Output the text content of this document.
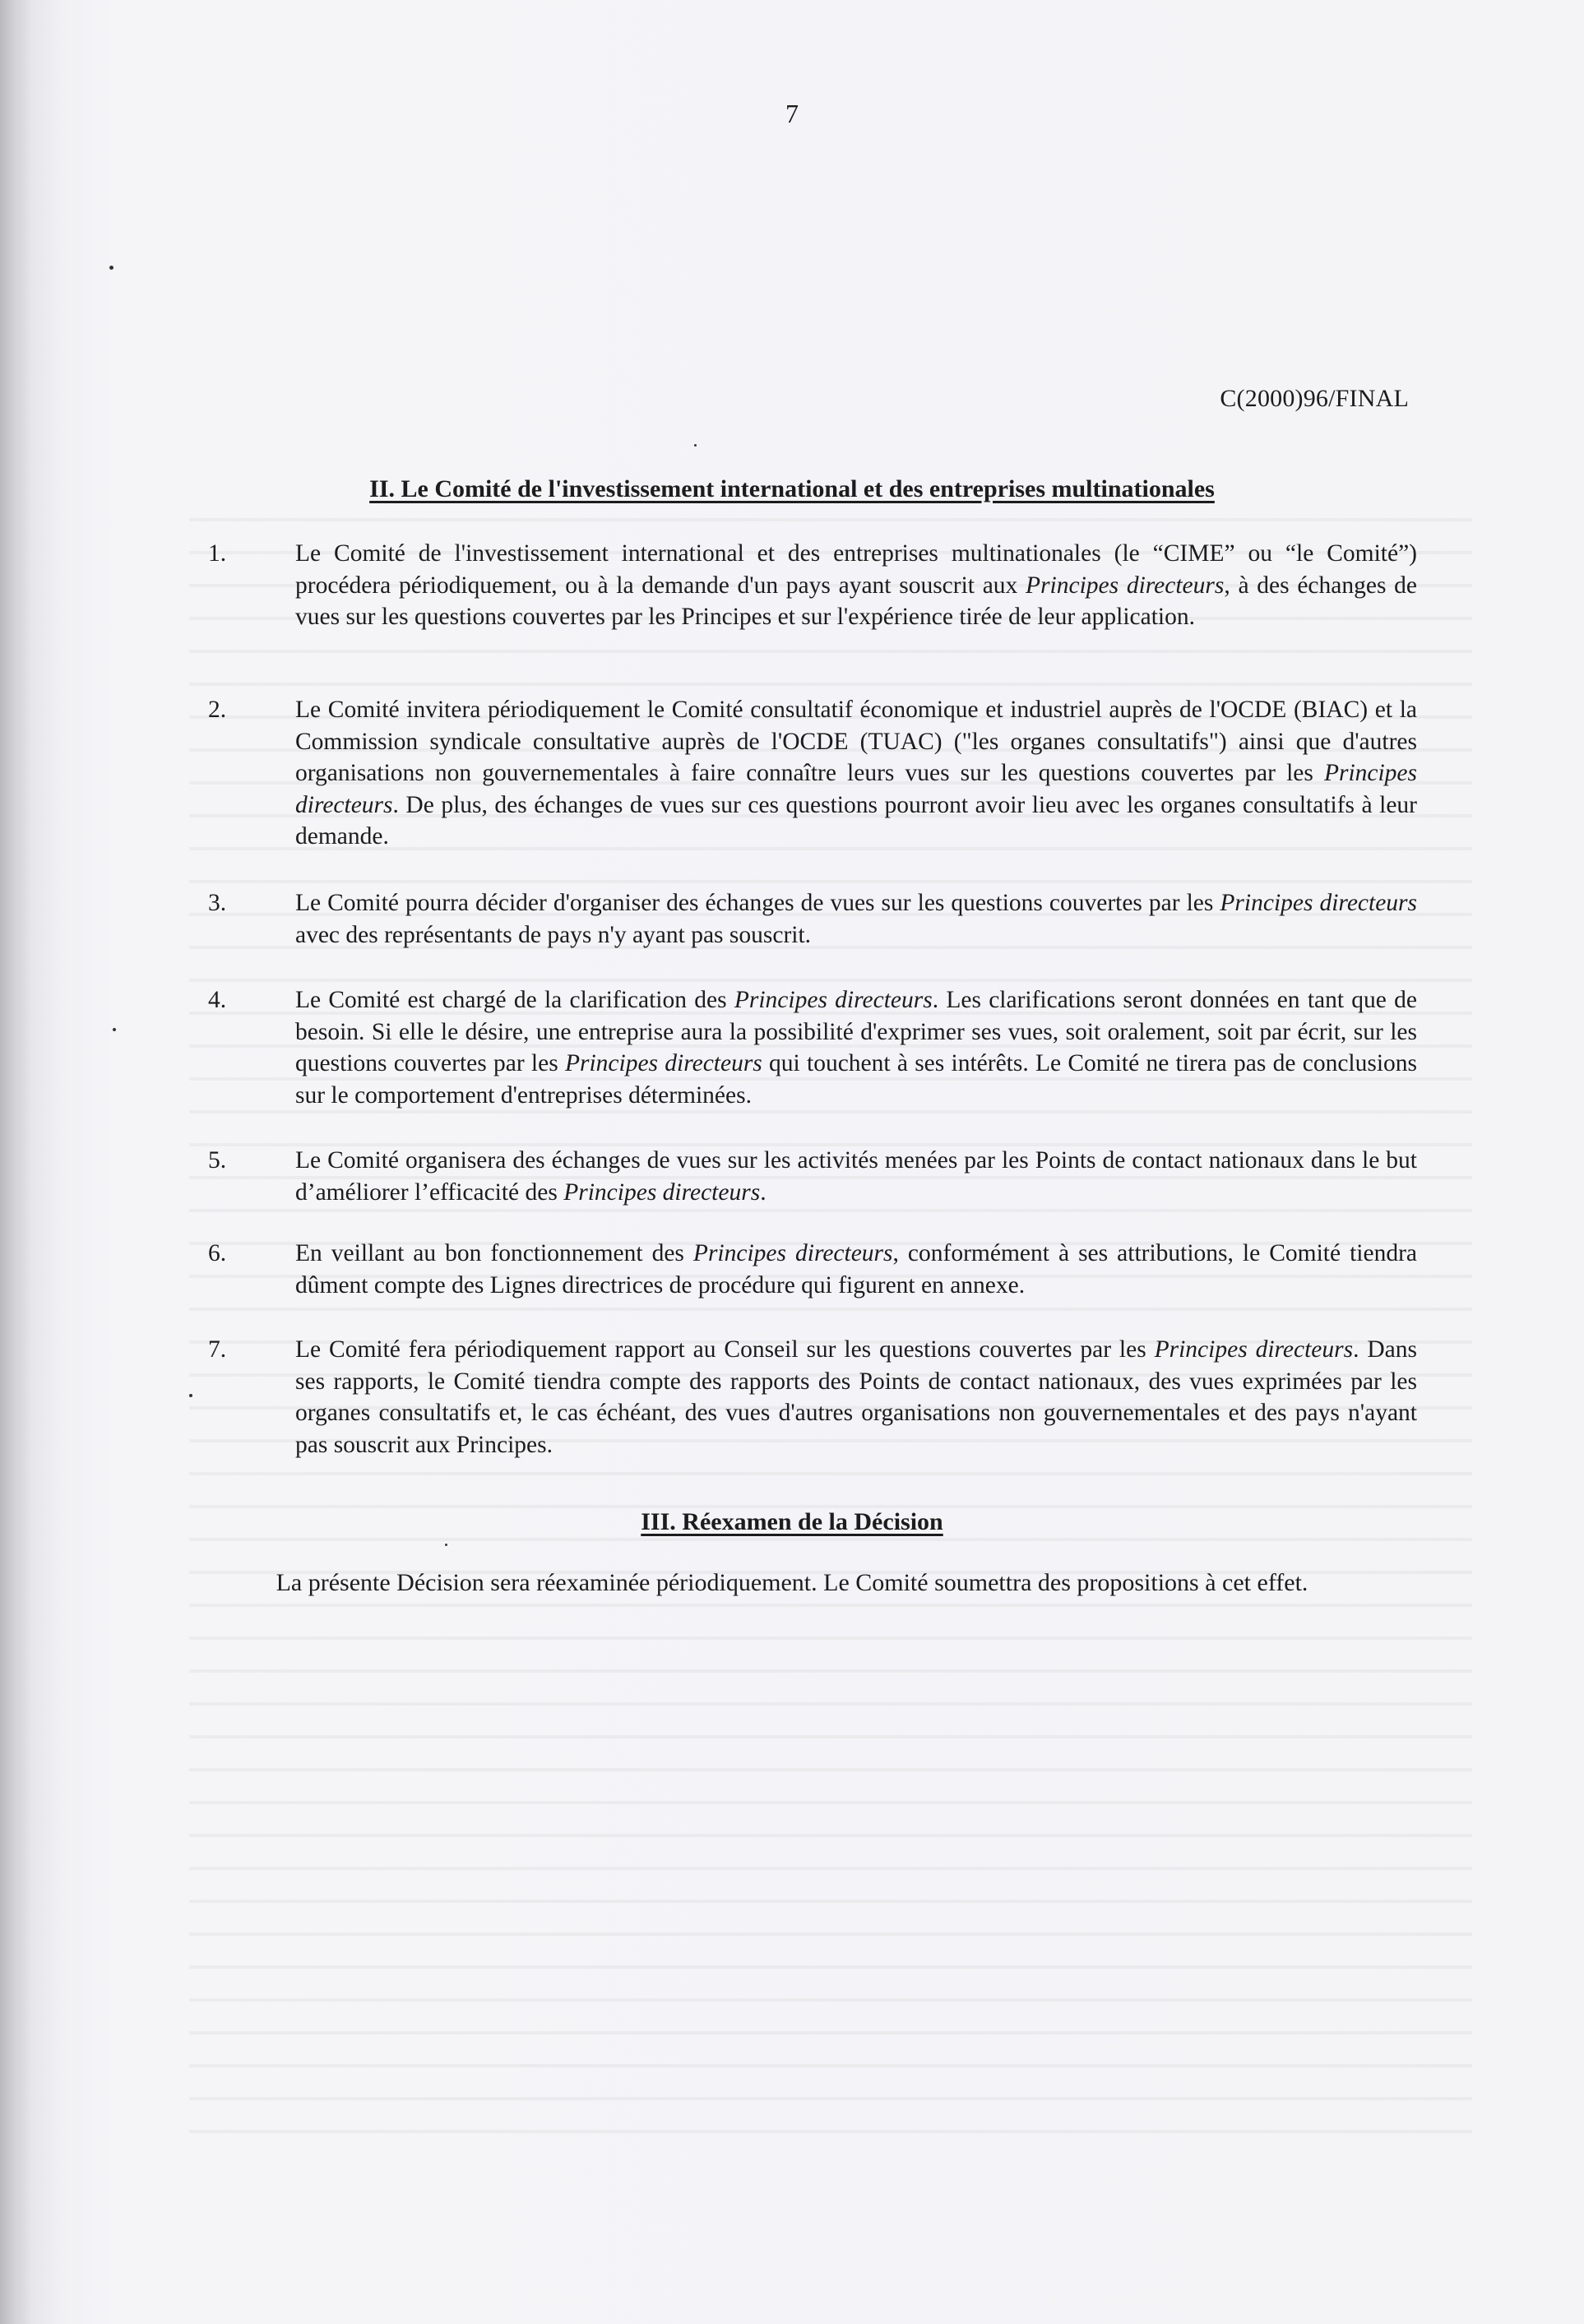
7
C(2000)96/FINAL
II. Le Comité de l'investissement international et des entreprises multinationales
1.	Le Comité de l'investissement international et des entreprises multinationales (le “CIME” ou “le Comité”) procédera périodiquement, ou à la demande d'un pays ayant souscrit aux Principes directeurs, à des échanges de vues sur les questions couvertes par les Principes et sur l'expérience tirée de leur application.
2.	Le Comité invitera périodiquement le Comité consultatif économique et industriel auprès de l'OCDE (BIAC) et la Commission syndicale consultative auprès de l'OCDE (TUAC) ("les organes consultatifs") ainsi que d'autres organisations non gouvernementales à faire connaître leurs vues sur les questions couvertes par les Principes directeurs. De plus, des échanges de vues sur ces questions pourront avoir lieu avec les organes consultatifs à leur demande.
3.	Le Comité pourra décider d'organiser des échanges de vues sur les questions couvertes par les Principes directeurs avec des représentants de pays n'y ayant pas souscrit.
4.	Le Comité est chargé de la clarification des Principes directeurs. Les clarifications seront données en tant que de besoin. Si elle le désire, une entreprise aura la possibilité d'exprimer ses vues, soit oralement, soit par écrit, sur les questions couvertes par les Principes directeurs qui touchent à ses intérêts. Le Comité ne tirera pas de conclusions sur le comportement d'entreprises déterminées.
5.	Le Comité organisera des échanges de vues sur les activités menées par les Points de contact nationaux dans le but d’améliorer l’efficacité des Principes directeurs.
6.	En veillant au bon fonctionnement des Principes directeurs, conformément à ses attributions, le Comité tiendra dûment compte des Lignes directrices de procédure qui figurent en annexe.
7.	Le Comité fera périodiquement rapport au Conseil sur les questions couvertes par les Principes directeurs. Dans ses rapports, le Comité tiendra compte des rapports des Points de contact nationaux, des vues exprimées par les organes consultatifs et, le cas échéant, des vues d'autres organisations non gouvernementales et des pays n'ayant pas souscrit aux Principes.
III. Réexamen de la Décision
La présente Décision sera réexaminée périodiquement. Le Comité soumettra des propositions à cet effet.
